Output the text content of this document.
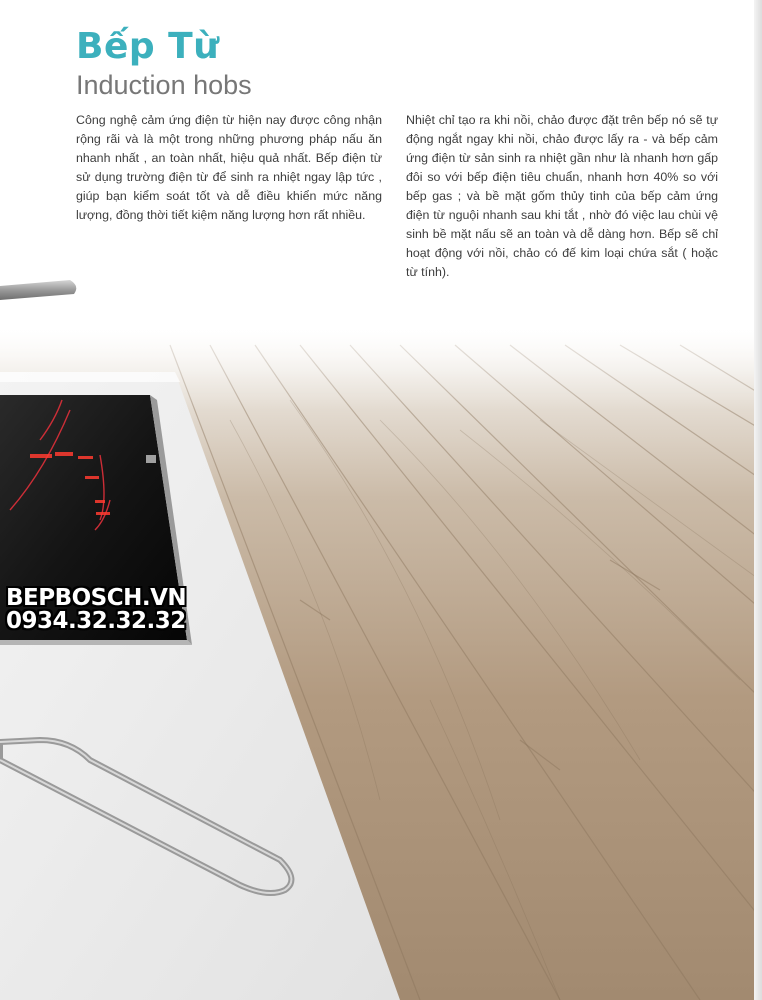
Bếp Từ
Induction hobs
Công nghệ cảm ứng điện từ hiện nay được công nhận rộng rãi và là một trong những phương pháp nấu ăn nhanh nhất , an toàn nhất, hiệu quả nhất. Bếp điện từ sử dụng trường điện từ để sinh ra nhiệt ngay lập tức , giúp bạn kiểm soát tốt và dễ điều khiển mức năng lượng, đồng thời tiết kiệm năng lượng hơn rất nhiều.
Nhiệt chỉ tạo ra khi nồi, chảo được đặt trên bếp nó sẽ tự động ngắt ngay khi nồi, chảo được lấy ra - và bếp cảm ứng điện từ sản sinh ra nhiệt gần như là nhanh hơn gấp đôi so với bếp điện tiêu chuẩn, nhanh hơn 40% so với bếp gas ; và bề mặt gốm thủy tinh của bếp cảm ứng điện từ nguội nhanh sau khi tắt , nhờ đó việc lau chùi vệ sinh bề mặt nấu sẽ an toàn và dễ dàng hơn. Bếp sẽ chỉ hoạt động với nồi, chảo có đế kim loại chứa sắt ( hoặc từ tính).
BEPBOSCH.VN
0934.32.32.32
